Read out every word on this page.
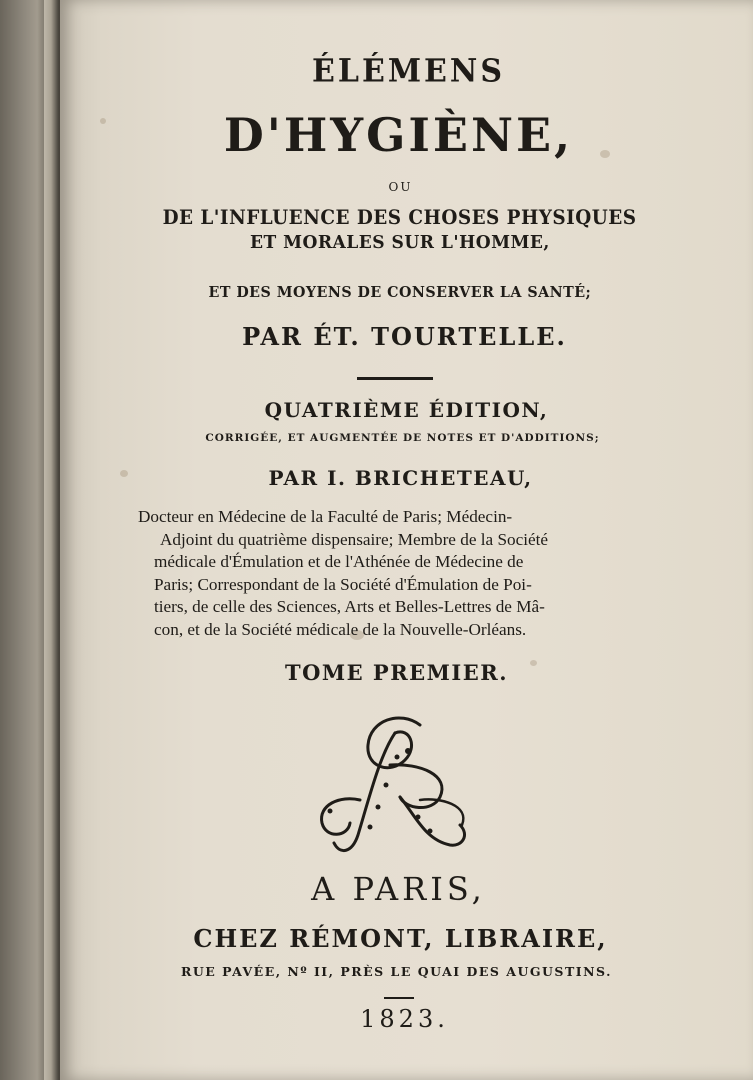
ÉLÉMENS
D'HYGIÈNE,
OU
DE L'INFLUENCE DES CHOSES PHYSIQUES
ET MORALES SUR L'HOMME,
ET DES MOYENS DE CONSERVER LA SANTÉ;
PAR ÉT. TOURTELLE.
QUATRIÈME ÉDITION,
CORRIGÉE, ET AUGMENTÉE DE NOTES ET D'ADDITIONS;
PAR I. BRICHETEAU,
Docteur en Médecine de la Faculté de Paris; Médecin-
Adjoint du quatrième dispensaire; Membre de la Société
médicale d'Émulation et de l'Athénée de Médecine de
Paris; Correspondant de la Société d'Émulation de Poi-
tiers, de celle des Sciences, Arts et Belles-Lettres de Mâ-
con, et de la Société médicale de la Nouvelle-Orléans.
TOME PREMIER.
A PARIS,
CHEZ RÉMONT, LIBRAIRE,
RUE PAVÉE, Nº II, PRÈS LE QUAI DES AUGUSTINS.
1823.
